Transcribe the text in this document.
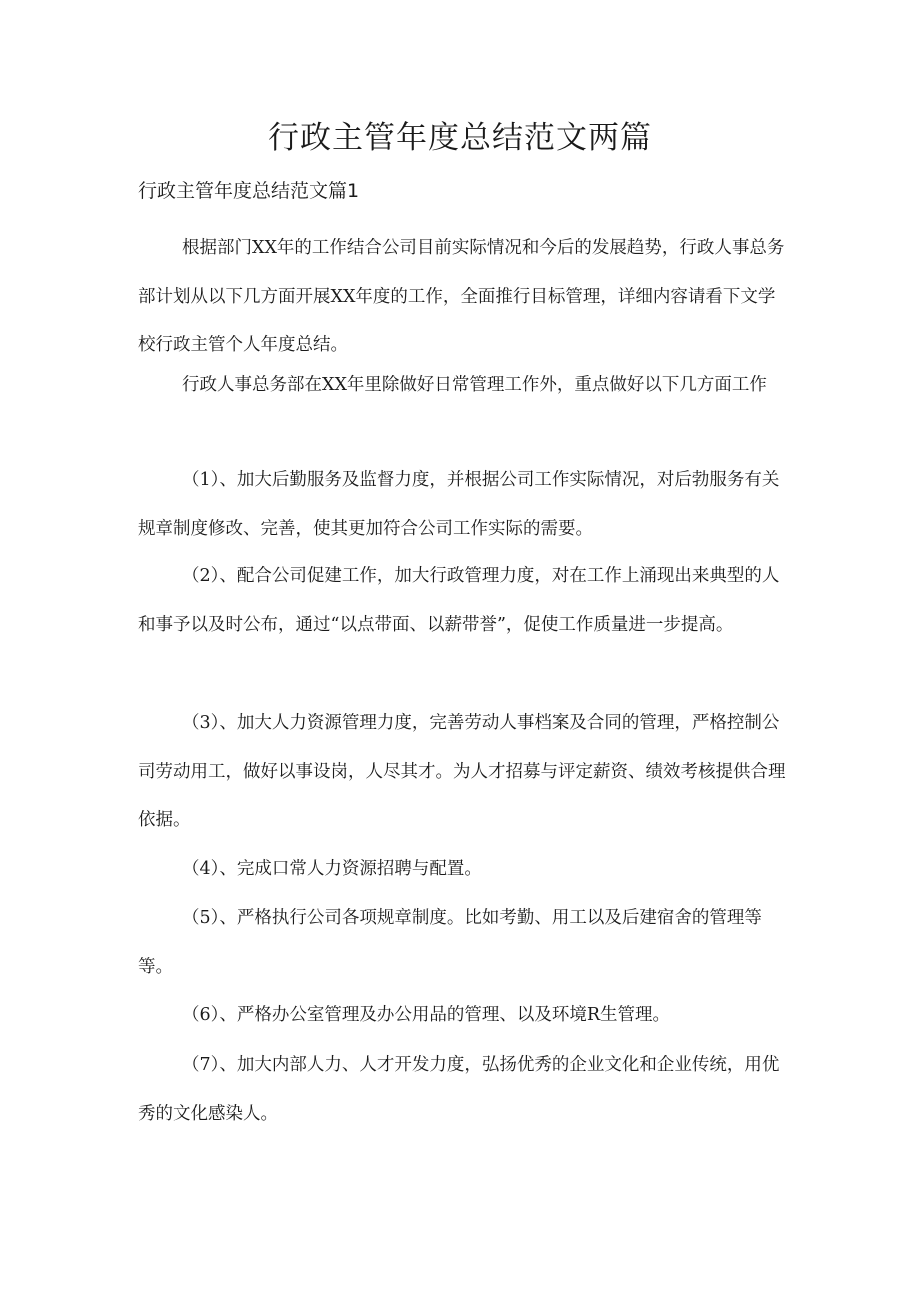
行政主管年度总结范文两篇
行政主管年度总结范文篇1

根据部门XX年的工作结合公司目前实际情况和今后的发展趋势，行政人事总务部计划从以下几方面开展XX年度的工作，全面推行目标管理，详细内容请看下文学校行政主管个人年度总结。

行政人事总务部在XX年里除做好日常管理工作外，重点做好以下几方面工作

（1）、加大后勤服务及监督力度，并根据公司工作实际情况，对后勃服务有关规章制度修改、完善，使其更加符合公司工作实际的需要。

（2）、配合公司促建工作，加大行政管理力度，对在工作上涌现出来典型的人和事予以及时公布，通过“以点带面、以薪带誉”，促使工作质量进一步提高。

（3）、加大人力资源管理力度，完善劳动人事档案及合同的管理，严格控制公司劳动用工，做好以事设岗，人尽其才。为人才招募与评定薪资、绩效考核提供合理依据。

（4）、完成口常人力资源招聘与配置。

（5）、严格执行公司各项规章制度。比如考勤、用工以及后建宿舍的管理等等。

（6）、严格办公室管理及办公用品的管理、以及环境R生管理。

（7）、加大内部人力、人才开发力度，弘扬优秀的企业文化和企业传统，用优秀的文化感染人。
